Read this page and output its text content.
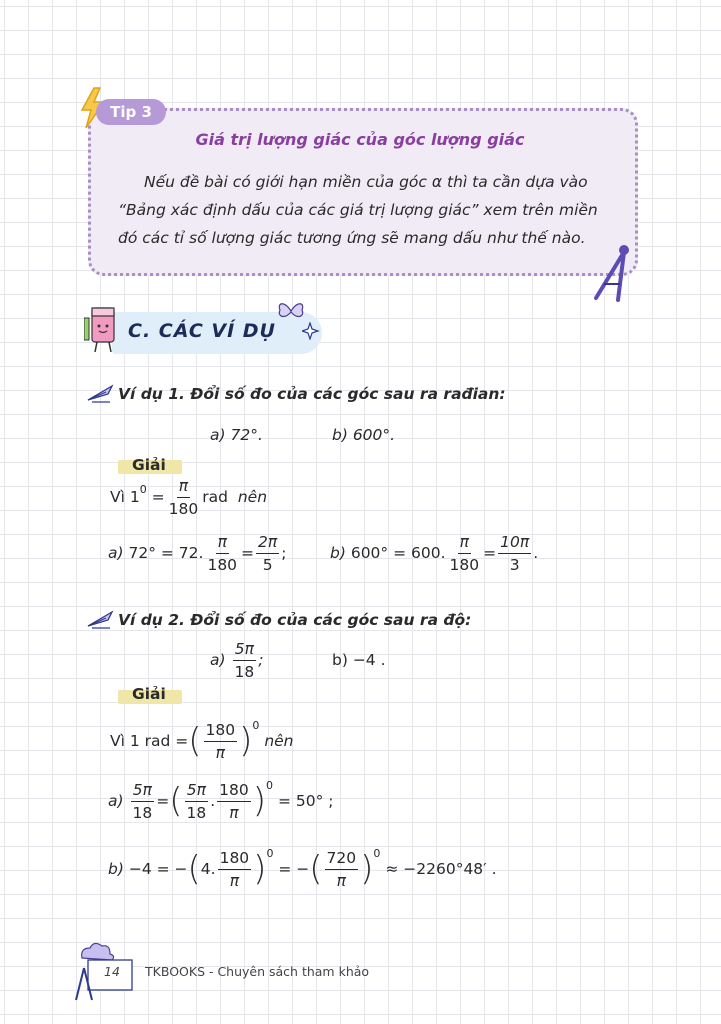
Tip 3
Giá trị lượng giác của góc lượng giác

Nếu đề bài có giới hạn miền của góc α thì ta cần dựa vào

“Bảng xác định dấu của các giá trị lượng giác” xem trên miền

đó các tỉ số lượng giác tương ứng sẽ mang dấu như thế nào.

C. CÁC VÍ DỤ
Ví dụ 1. Đổi số đo của các góc sau ra rađian:
a) 72°.	b) 600°.
Giải
Vì
1 0
= $\frac{\pi}{180}$ rad
nên
a)
72° = 72. $\frac{\pi}{180} = \frac{2\pi}{5}$ ;	b)
600° = 600. $\frac{\pi}{180} = \frac{10\pi}{3}$ .
Ví dụ 2. Đổi số đo của các góc sau ra độ:
a)
$\frac{5\pi}{18}$ ;	b) −4 .
Giải
Vì 1 rad = ( $\frac{180}{\pi}$ ) 0

nên
a)
$\frac{5\pi}{18}$ = ( $\frac{5\pi}{18}$ . $\frac{180}{\pi}$ ) 0

= 50° ;
b)
−4 = − ( 4. $\frac{180}{\pi}$ ) 0

= − ( $\frac{720}{\pi}$ ) 0

≈ −2260°48′ .
14 TKBOOKS - Chuyên sách tham khảo
